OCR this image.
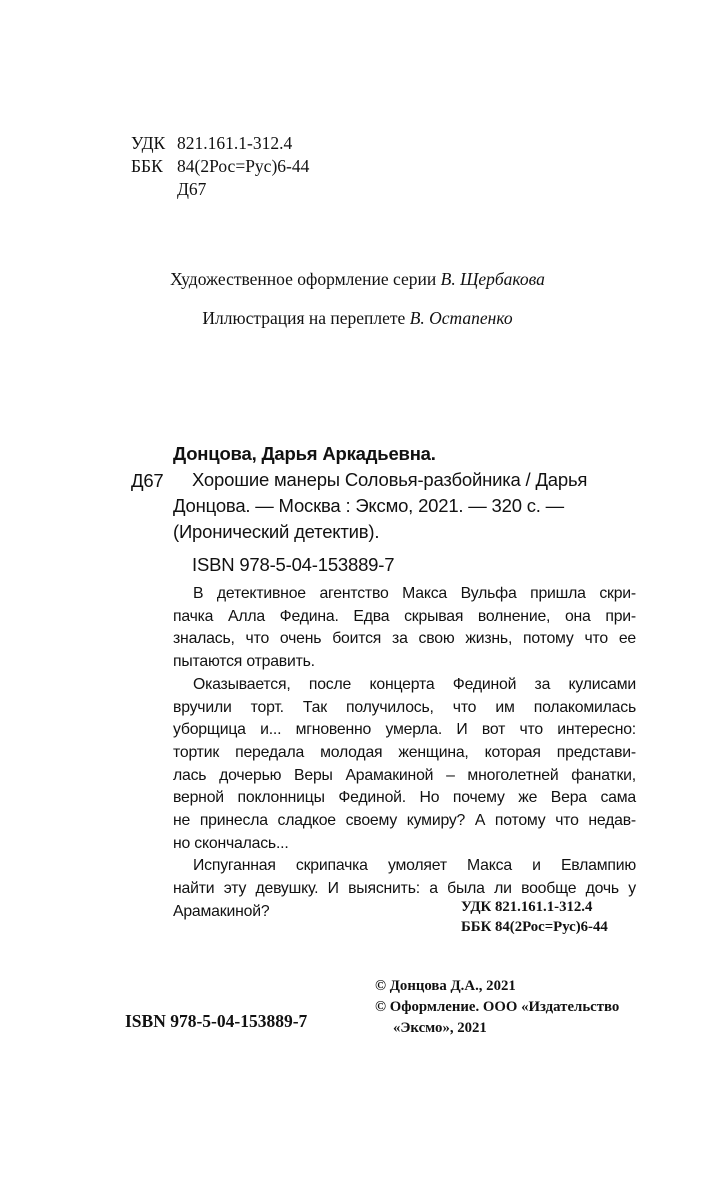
УДК 821.161.1-312.4
ББК 84(2Рос=Рус)6-44
Д67
Художественное оформление серии В. Щербакова
Иллюстрация на переплете В. Остапенко
Донцова, Дарья Аркадьевна.
Д67 Хорошие манеры Соловья-разбойника / Дарья
Донцова. — Москва : Эксмо, 2021. — 320 с. —
(Иронический детектив).
ISBN 978-5-04-153889-7

В детективное агентство Макса Вульфа пришла скри-
пачка Алла Федина. Едва скрывая волнение, она при-
зналась, что очень боится за свою жизнь, потому что ее
пытаются отравить.

Оказывается, после концерта Фединой за кулисами
вручили торт. Так получилось, что им полакомилась
уборщица и... мгновенно умерла. И вот что интересно:
тортик передала молодая женщина, которая представи-
лась дочерью Веры Арамакиной – многолетней фанатки,
верной поклонницы Фединой. Но почему же Вера сама
не принесла сладкое своему кумиру? А потому что недав-
но скончалась...

Испуганная скрипачка умоляет Макса и Евлампию
найти эту девушку. И выяснить: а была ли вообще дочь у
Арамакиной?	УДК 821.161.1-312.4
ББК 84(2Рос=Рус)6-44
© Донцова Д.А., 2021
© Оформление. ООО «Издательство
«Эксмо», 2021
ISBN 978-5-04-153889-7
